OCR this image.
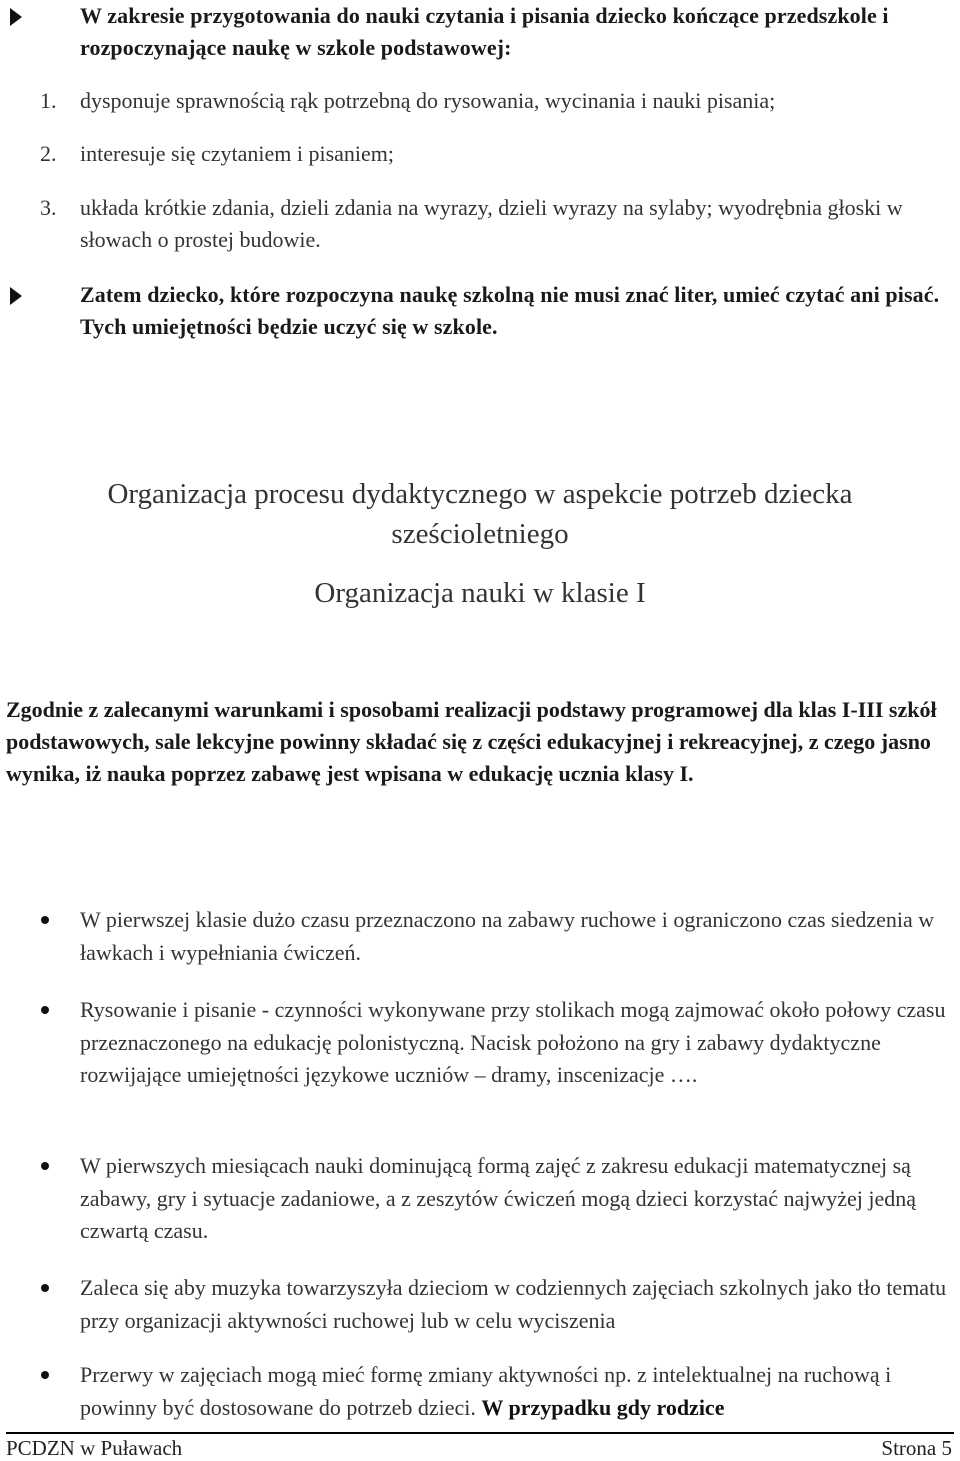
W zakresie przygotowania do nauki czytania i pisania dziecko kończące przedszkole i rozpoczynające naukę w szkole podstawowej:
1. dysponuje sprawnością rąk potrzebną do rysowania, wycinania i nauki pisania;
2. interesuje się czytaniem i pisaniem;
3. układa krótkie zdania, dzieli zdania na wyrazy, dzieli wyrazy na sylaby; wyodrębnia głoski w słowach o prostej budowie.
Zatem dziecko, które rozpoczyna naukę szkolną nie musi znać liter, umieć czytać ani pisać. Tych umiejętności będzie uczyć się w szkole.
Organizacja procesu dydaktycznego w aspekcie potrzeb dziecka sześcioletniego
Organizacja nauki w klasie I
Zgodnie z zalecanymi warunkami i sposobami realizacji podstawy programowej dla klas I-III szkół podstawowych, sale lekcyjne powinny składać się z części edukacyjnej i rekreacyjnej, z czego jasno wynika, iż nauka poprzez zabawę jest wpisana w edukację ucznia klasy I.
W pierwszej klasie dużo czasu przeznaczono na zabawy ruchowe i ograniczono czas siedzenia w ławkach i wypełniania ćwiczeń.
Rysowanie i pisanie - czynności wykonywane przy stolikach mogą zajmować około połowy czasu przeznaczonego na edukację polonistyczną. Nacisk położono na gry i zabawy dydaktyczne rozwijające umiejętności językowe uczniów – dramy, inscenizacje ….
W pierwszych miesiącach nauki dominującą formą zajęć z zakresu edukacji matematycznej są zabawy, gry i sytuacje zadaniowe, a z zeszytów ćwiczeń mogą dzieci korzystać najwyżej jedną czwartą czasu.
Zaleca się aby muzyka towarzyszyła dzieciom w codziennych zajęciach szkolnych jako tło tematu przy organizacji aktywności ruchowej lub w celu wyciszenia
Przerwy w zajęciach mogą mieć formę zmiany aktywności np. z intelektualnej na ruchową i powinny być dostosowane do potrzeb dzieci. W przypadku gdy rodzice
PCDZN w Puławach	Strona 5
